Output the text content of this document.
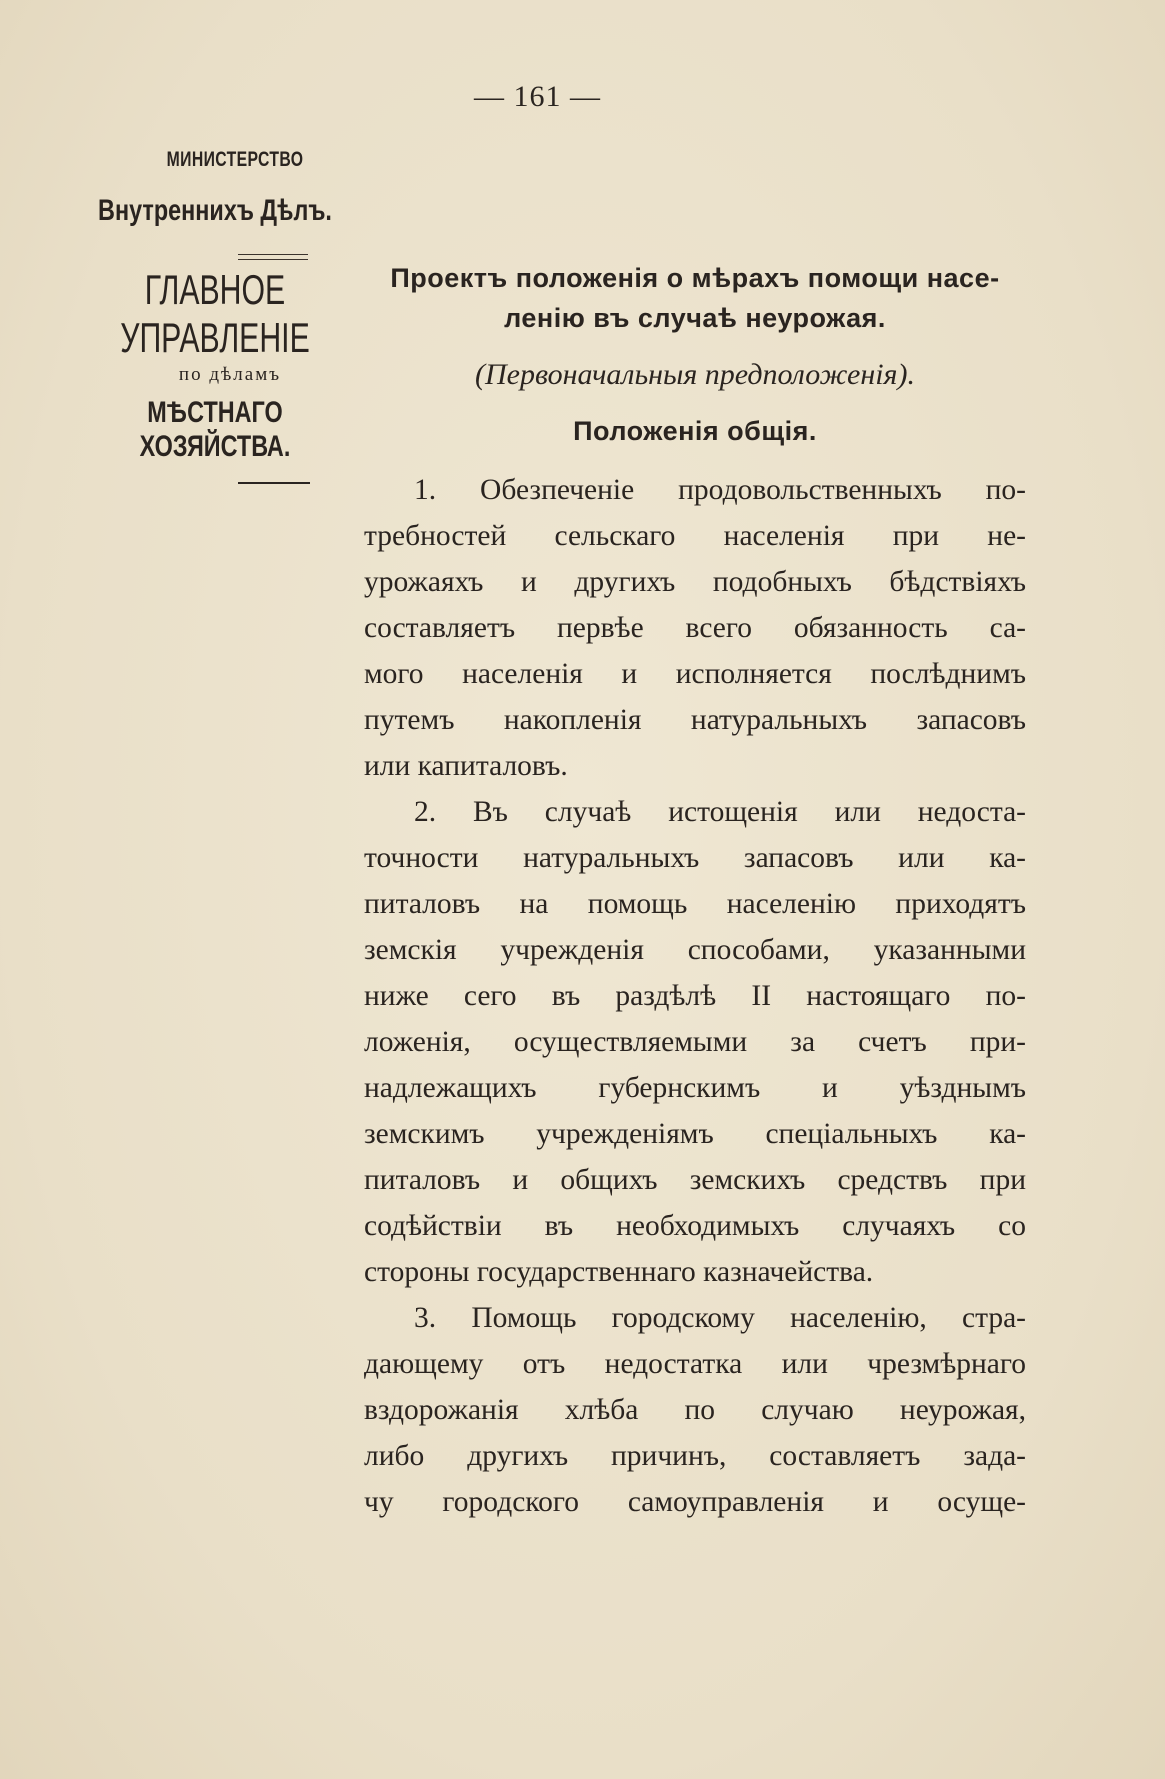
— 161 —
МИНИСТЕРСТВО
Внутреннихъ Дѣлъ.
ГЛАВНОЕ УПРАВЛЕНІЕ
по дѣламъ
МѢСТНАГО ХОЗЯЙСТВА.
Проектъ положенія о мѣрахъ помощи насе-
ленію въ случаѣ неурожая.
(Первоначальныя предположенія).
Положенія общія.
1. Обезпеченіе продовольственныхъ по-
требностей сельскаго населенія при не-
урожаяхъ и другихъ подобныхъ бѣдствіяхъ
составляетъ первѣе всего обязанность са-
мого населенія и исполняется послѣднимъ
путемъ накопленія натуральныхъ запасовъ
или капиталовъ.
2. Въ случаѣ истощенія или недоста-
точности натуральныхъ запасовъ или ка-
питаловъ на помощь населенію приходятъ
земскія учрежденія способами, указанными
ниже сего въ раздѣлѣ II настоящаго по-
ложенія, осуществляемыми за счетъ при-
надлежащихъ губернскимъ и уѣзднымъ
земскимъ учрежденіямъ спеціальныхъ ка-
питаловъ и общихъ земскихъ средствъ при
содѣйствіи въ необходимыхъ случаяхъ со
стороны государственнаго казначейства.
3. Помощь городскому населенію, стра-
дающему отъ недостатка или чрезмѣрнаго
вздорожанія хлѣба по случаю неурожая,
либо другихъ причинъ, составляетъ зада-
чу городского самоуправленія и осуще-
